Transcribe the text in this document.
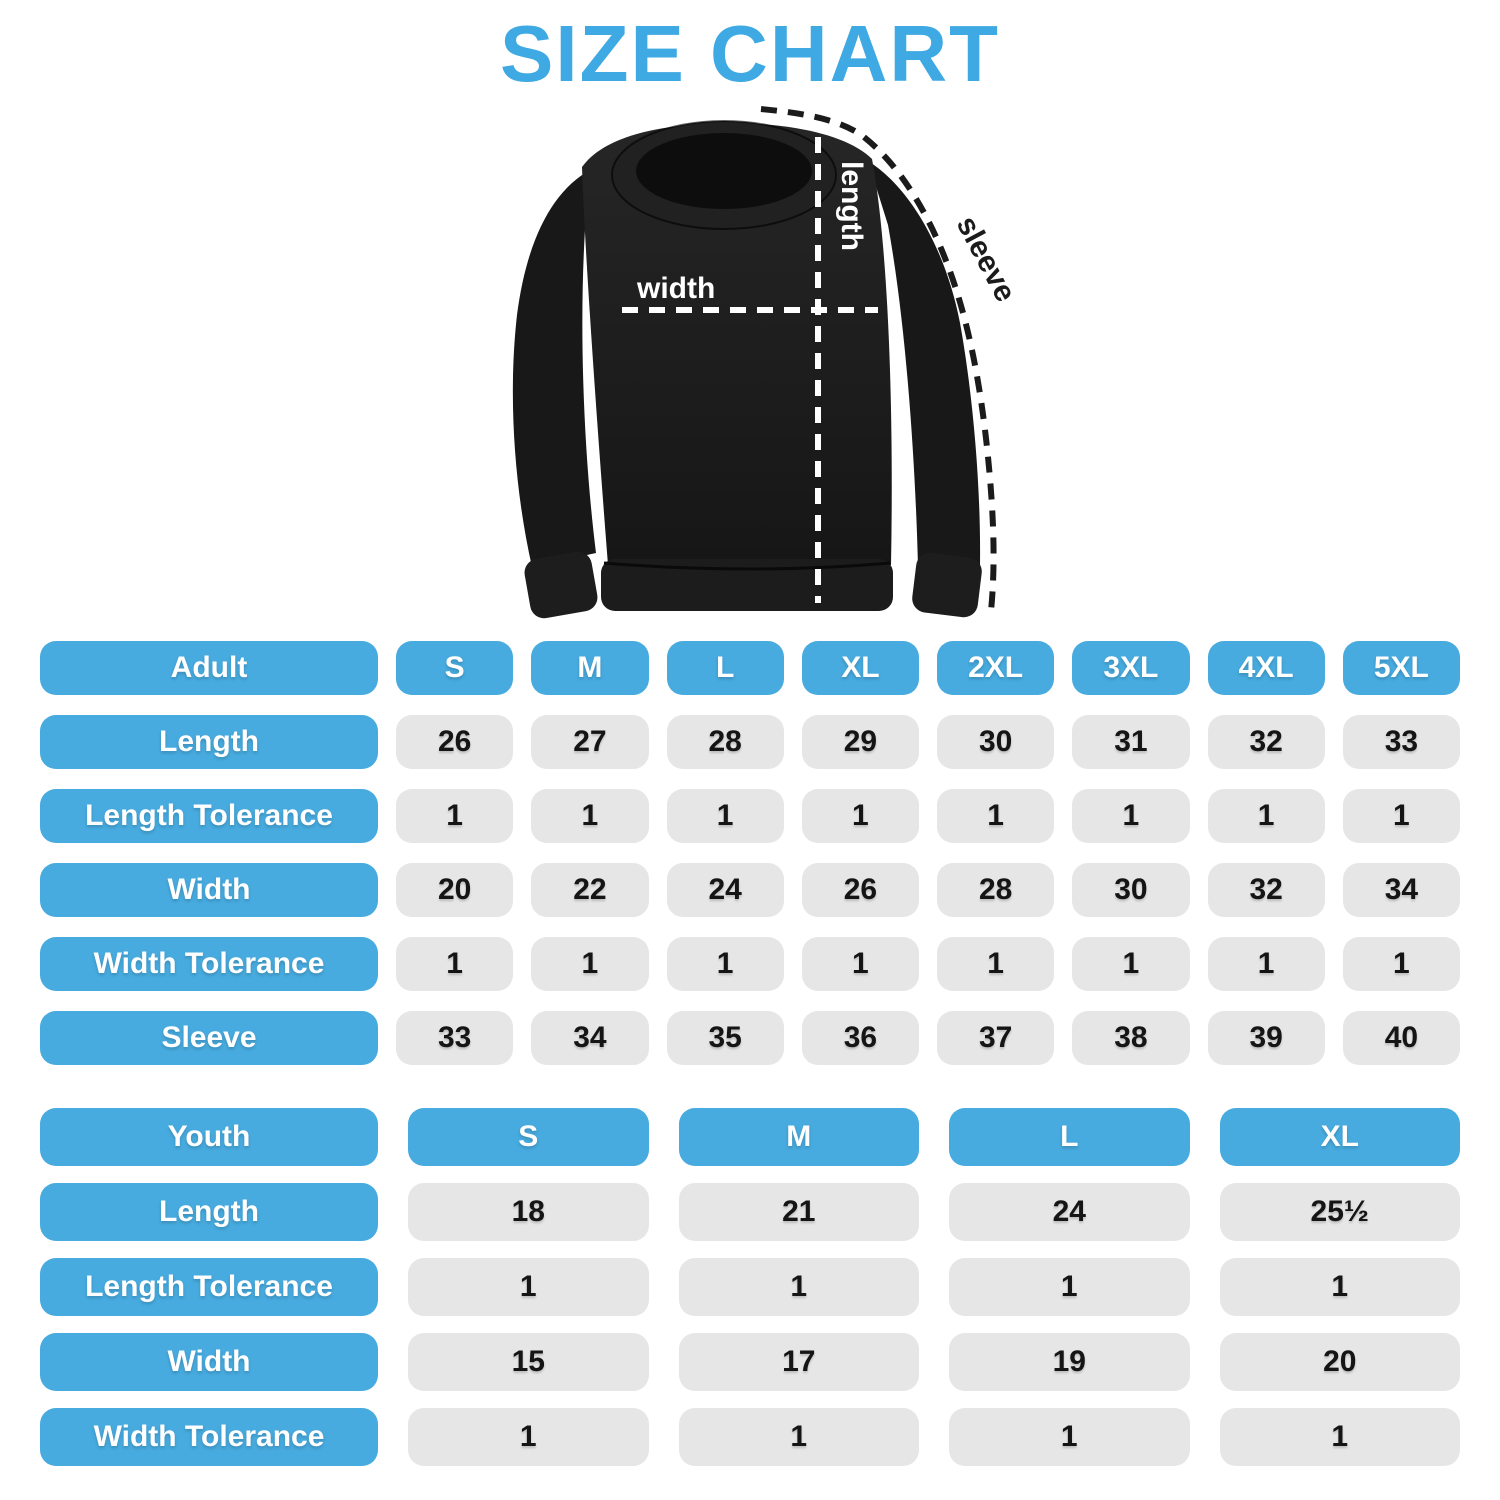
SIZE CHART
width
length
sleeve
Adult	S	M	L	XL	2XL	3XL	4XL	5XL
Length	26	27	28	29	30	31	32	33
Length Tolerance	1	1	1	1	1	1	1	1
Width	20	22	24	26	28	30	32	34
Width Tolerance	1	1	1	1	1	1	1	1
Sleeve	33	34	35	36	37	38	39	40
Youth	S	M	L	XL
Length	18	21	24	25½
Length Tolerance	1	1	1	1
Width	15	17	19	20
Width Tolerance	1	1	1	1
